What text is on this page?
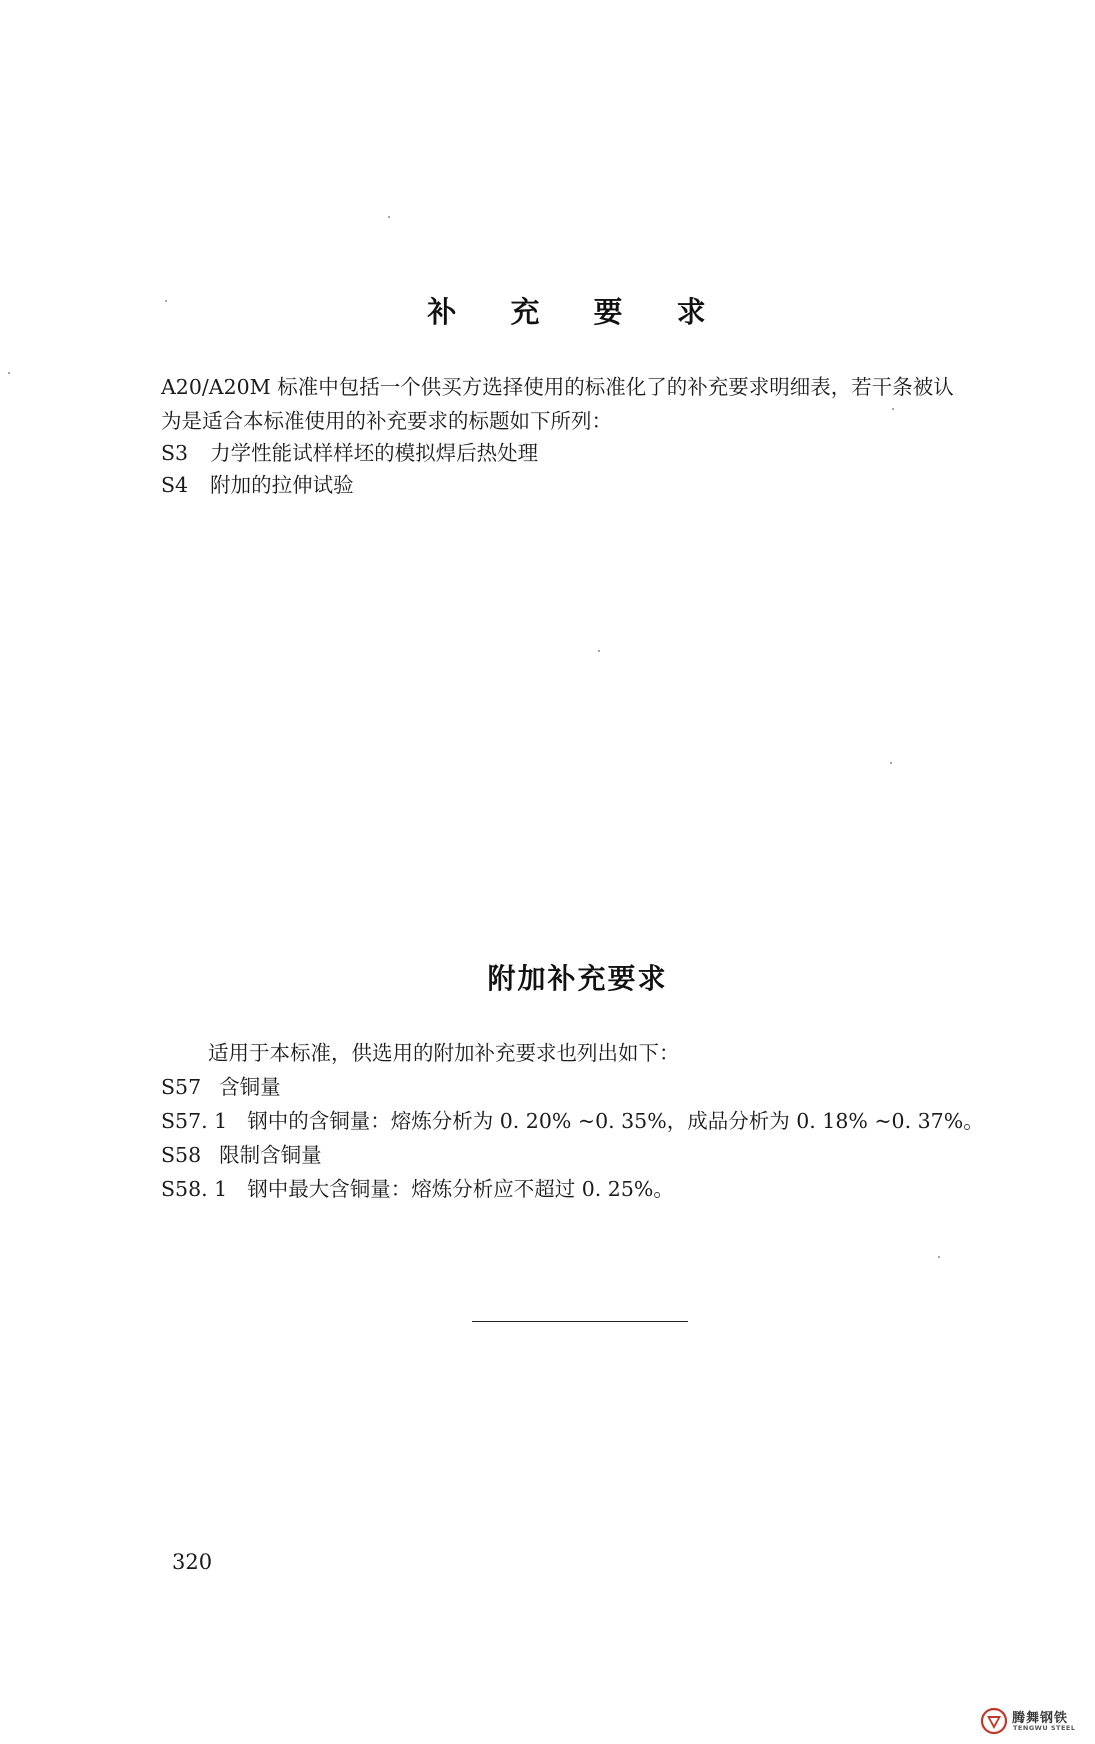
补 充 要 求
A20/A20M 标准中包括一个供买方选择使用的标准化了的补充要求明细表，若干条被认
为是适合本标准使用的补充要求的标题如下所列：
S3 力学性能试样样坯的模拟焊后热处理
S4 附加的拉伸试验
附加补充要求
适用于本标准，供选用的附加补充要求也列出如下：
S57 含铜量
S57. 1 钢中的含铜量：熔炼分析为 0. 20% ~0. 35%，成品分析为 0. 18% ~0. 37%。
S58 限制含铜量
S58. 1 钢中最大含铜量：熔炼分析应不超过 0. 25%。
320
腾舞钢铁
TENGWU STEEL
